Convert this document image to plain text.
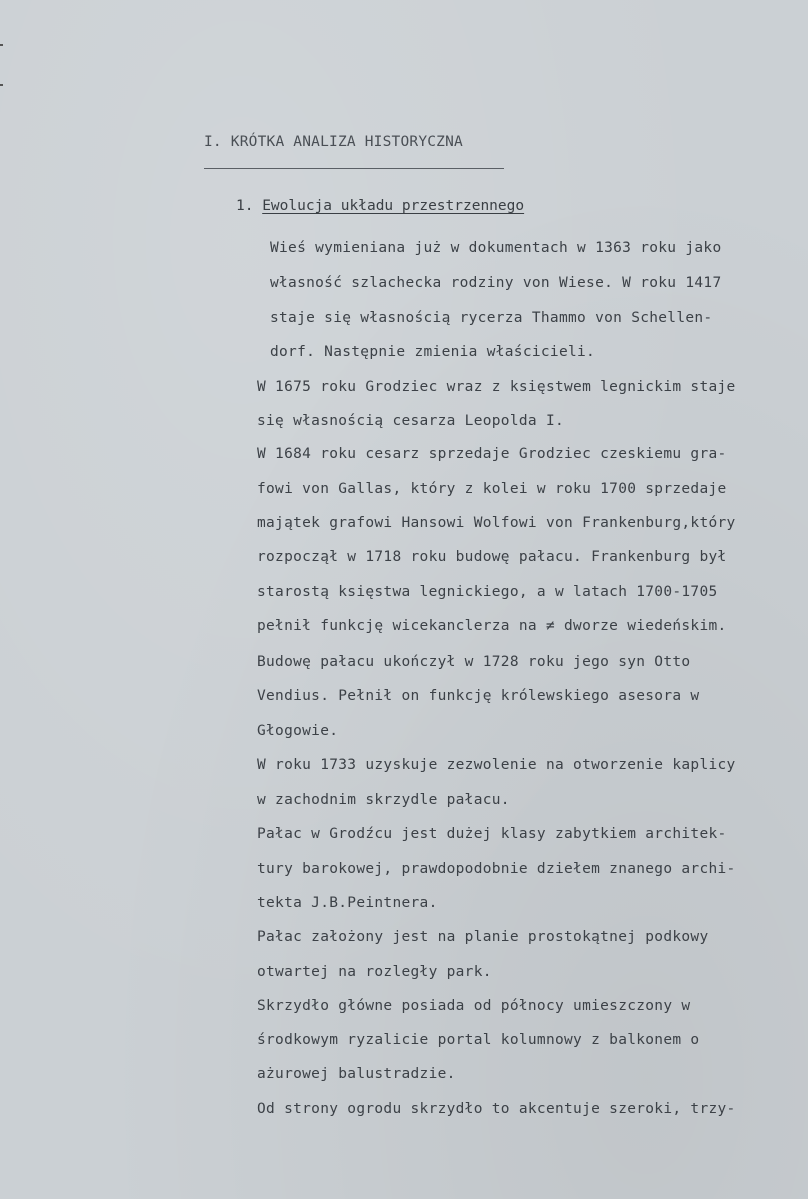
I. KRÓTKA ANALIZA HISTORYCZNA
1. Ewolucja układu przestrzennego
Wieś wymieniana już w dokumentach w 1363 roku jako
własność szlachecka rodziny von Wiese. W roku 1417
staje się własnością rycerza Thammo von Schellen-
dorf. Następnie zmienia właścicieli.
W 1675 roku Grodziec wraz z księstwem legnickim staje
się własnością cesarza Leopolda I.
W 1684 roku cesarz sprzedaje Grodziec czeskiemu gra-
fowi von Gallas, który z kolei w roku 1700 sprzedaje
majątek grafowi Hansowi Wolfowi von Frankenburg,który
rozpoczął w 1718 roku budowę pałacu. Frankenburg był
starostą księstwa legnickiego, a w latach 1700-1705
pełnił funkcję wicekanclerza na ≠ dworze wiedeńskim.
Budowę pałacu ukończył w 1728 roku jego syn Otto
Vendius. Pełnił on funkcję królewskiego asesora w
Głogowie.
W roku 1733 uzyskuje zezwolenie na otworzenie kaplicy
w zachodnim skrzydle pałacu.
Pałac w Grodźcu jest dużej klasy zabytkiem architek-
tury barokowej, prawdopodobnie dziełem znanego archi-
tekta J.B.Peintnera.
Pałac założony jest na planie prostokątnej podkowy
otwartej na rozległy park.
Skrzydło główne posiada od północy umieszczony w
środkowym ryzalicie portal kolumnowy z balkonem o
ażurowej balustradzie.
Od strony ogrodu skrzydło to akcentuje szeroki, trzy-
